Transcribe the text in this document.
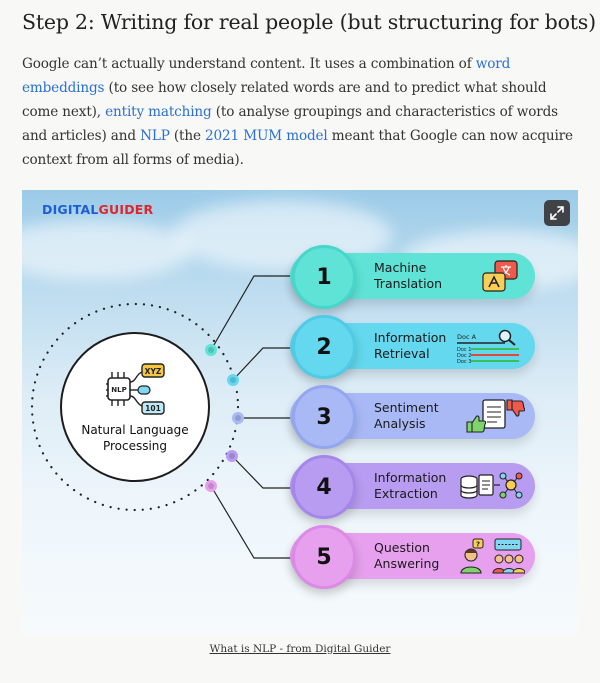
Step 2: Writing for real people (but structuring for bots)

Google can’t actually understand content. It uses a combination of word embeddings (to see how closely related words are and to predict what should come next), entity matching (to analyse groupings and characteristics of words and articles) and NLP (the 2021 MUM model meant that Google can now acquire context from all forms of media).

DIGITALGUIDER
NLP
XYZ
101
Natural Language
Processing
Machine
Translation
1
Information
Retrieval
Doc A
Doc 1
Doc 2
Doc 3
2
Sentiment
Analysis
3
Information
Extraction
4
Question
Answering
?
5
What is NLP - from Digital Guider
